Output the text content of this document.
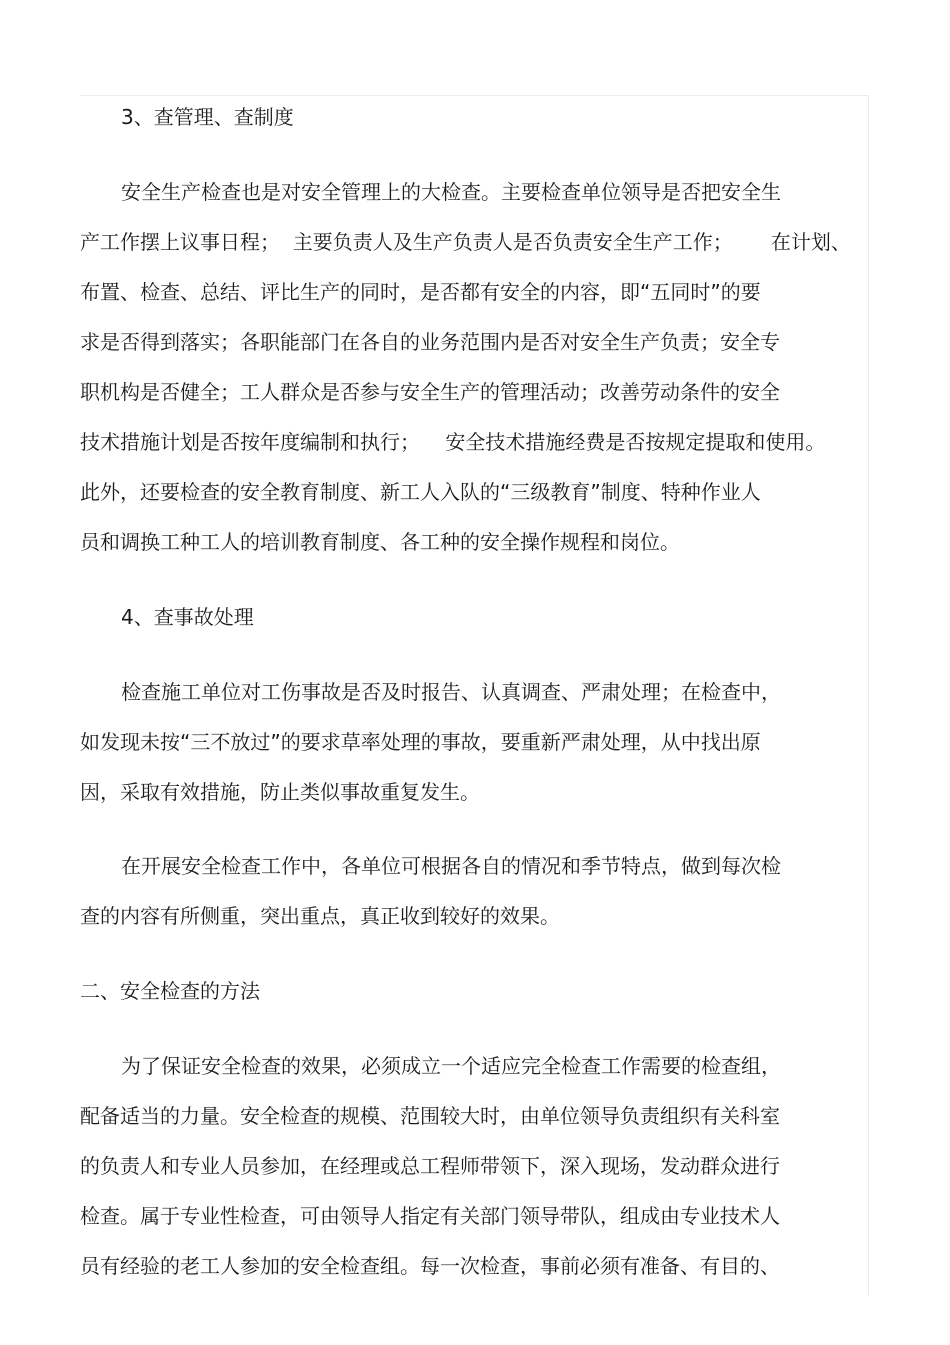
3、查管理、查制度

安全生产检查也是对安全管理上的大检查。主要检查单位领导是否把安全生

产工作摆上议事日程；  主要负责人及生产负责人是否负责安全生产工作；      在计划、

布置、检查、总结、评比生产的同时，是否都有安全的内容，即“五同时”的要

求是否得到落实；各职能部门在各自的业务范围内是否对安全生产负责；安全专

职机构是否健全；工人群众是否参与安全生产的管理活动；改善劳动条件的安全

技术措施计划是否按年度编制和执行；    安全技术措施经费是否按规定提取和使用。

此外，还要检查的安全教育制度、新工人入队的“三级教育”制度、特种作业人

员和调换工种工人的培训教育制度、各工种的安全操作规程和岗位。

4、查事故处理

检查施工单位对工伤事故是否及时报告、认真调查、严肃处理；在检查中，

如发现未按“三不放过”的要求草率处理的事故，要重新严肃处理，从中找出原

因，采取有效措施，防止类似事故重复发生。

在开展安全检查工作中，各单位可根据各自的情况和季节特点，做到每次检

查的内容有所侧重，突出重点，真正收到较好的效果。

二、安全检查的方法

为了保证安全检查的效果，必须成立一个适应完全检查工作需要的检查组，

配备适当的力量。安全检查的规模、范围较大时，由单位领导负责组织有关科室

的负责人和专业人员参加，在经理或总工程师带领下，深入现场，发动群众进行

检查。属于专业性检查，可由领导人指定有关部门领导带队，组成由专业技术人

员有经验的老工人参加的安全检查组。每一次检查，事前必须有准备、有目的、
